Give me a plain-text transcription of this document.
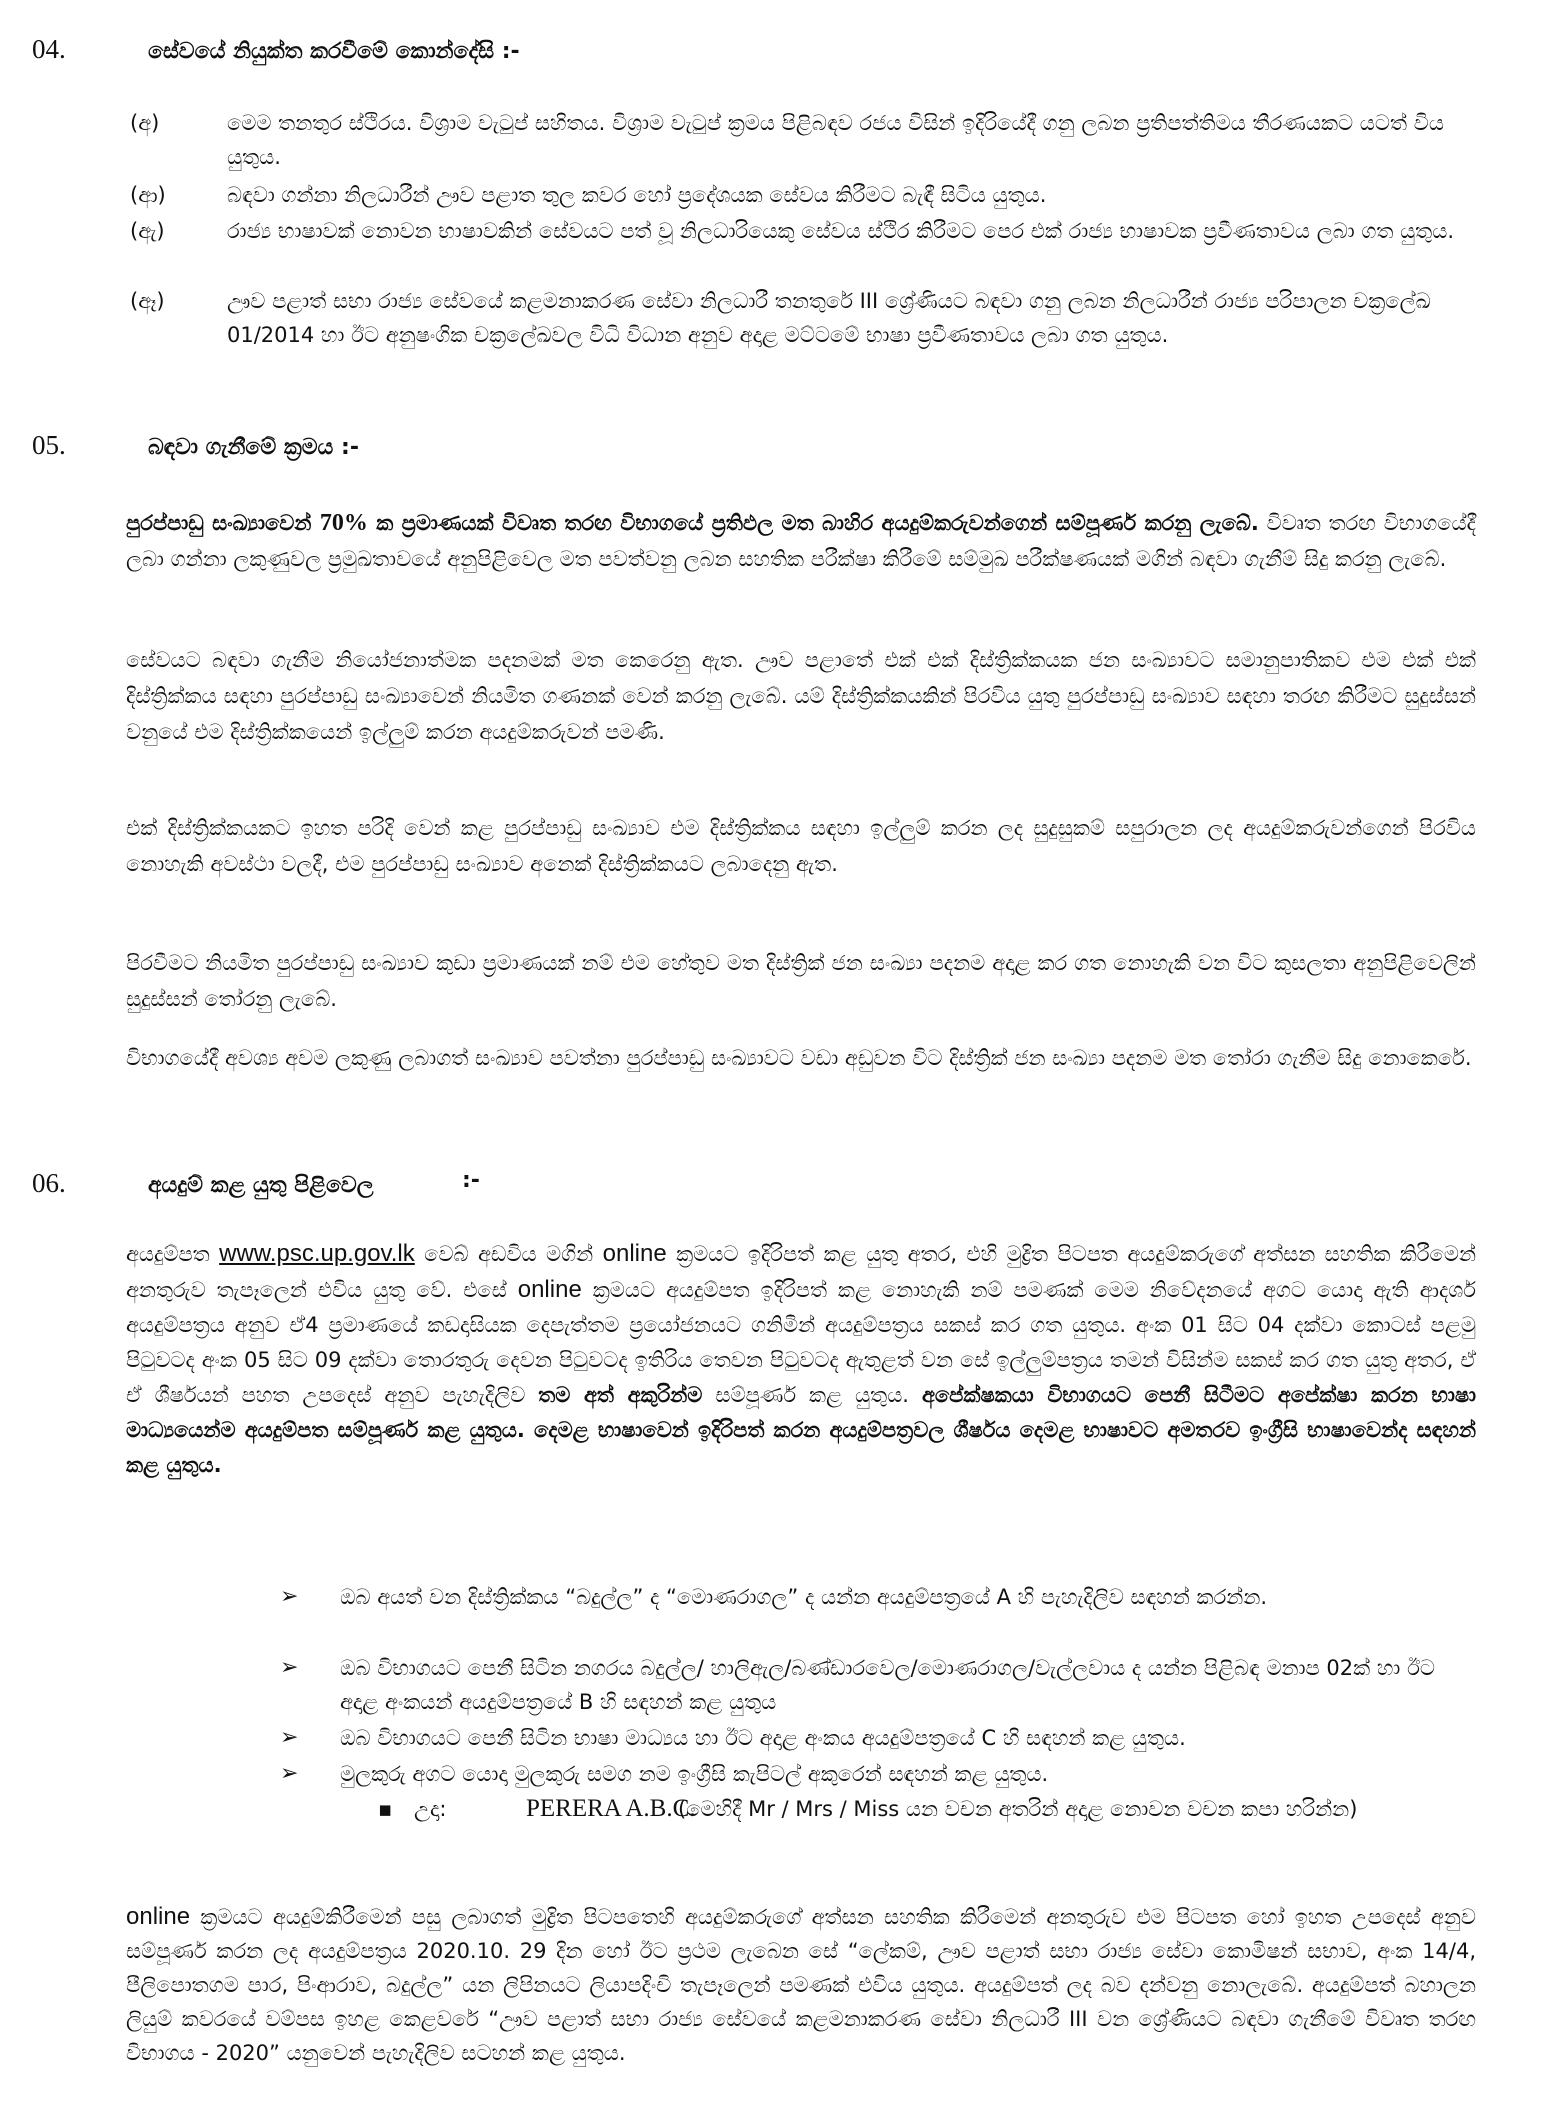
04.	සේවයේ නියුක්ත කරවීමේ කොන්දේසි :-
(අ)	මෙම තනතුර ස්ථිරය. විශ්‍රාම වැටුප් සහිතය. විශ්‍රාම වැටුප් ක්‍රමය පිළිබඳව රජය විසින් ඉදිරියේදී ගනු ලබන ප්‍රතිපත්තිමය තීරණයකට යටත් විය යුතුය.
(ආ)	බඳවා ගන්නා නිලධාරීන් ඌව පළාත තුල කවර හෝ ප්‍රදේශයක සේවය කිරීමට බැඳී සිටිය යුතුය.
(ඇ)	රාජ්‍ය භාෂාවක් නොවන භාෂාවකින් සේවයට පත් වූ නිලධාරියෙකු සේවය ස්ථිර කිරීමට පෙර එක් රාජ්‍ය භාෂාවක ප්‍රවීණතාවය ලබා ගත යුතුය.
(ඈ)	ඌව පළාත් සභා රාජ්‍ය සේවයේ කළමනාකරණ සේවා නිලධාරී තනතුරේ III ශ්‍රේණියට බඳවා ගනු ලබන නිලධාරීන් රාජ්‍ය පරිපාලන චක්‍රලේඛ 01/2014 හා ඊට අනුෂංගික චක්‍රලේඛවල විධි විධාන අනුව අදාළ මට්ටමේ භාෂා ප්‍රවීණතාවය ලබා ගත යුතුය.
05.	බඳවා ගැනීමේ ක්‍රමය :-
පුරප්පාඩු සංඛ්‍යාවෙන් 70% ක ප්‍රමාණයක් විවෘත තරඟ විභාගයේ ප්‍රතිඵල මත බාහිර අයදුම්කරුවන්ගෙන් සම්පූර්ණ කරනු ලැබේ. විවෘත තරඟ විභාගයේදී ලබා ගන්නා ලකුණුවල ප්‍රමුඛතාවයේ අනුපිළිවෙල මත පවත්වනු ලබන සහතික පරීක්ෂා කිරීමේ සම්මුඛ පරීක්ෂණයක් මගින් බඳවා ගැනීම් සිදු කරනු ලැබේ.
සේවයට බඳවා ගැනීම නියෝජනාත්මක පදනමක් මත කෙරෙනු ඇත. ඌව පළාතේ එක් එක් දිස්ත්‍රික්කයක ජන සංඛ්‍යාවට සමානුපාතිකව එම එක් එක් දිස්ත්‍රික්කය සඳහා පුරප්පාඩු සංඛ්‍යාවෙන් නියමිත ගණනක් වෙන් කරනු ලැබේ. යම් දිස්ත්‍රික්කයකින් පිරවිය යුතු පුරප්පාඩු සංඛ්‍යාව සඳහා තරඟ කිරීමට සුදුස්සන් වනුයේ එම දිස්ත්‍රික්කයෙන් ඉල්ලුම් කරන අයදුම්කරුවන් පමණි.
එක් දිස්ත්‍රික්කයකට ඉහත පරිදි වෙන් කළ පුරප්පාඩු සංඛ්‍යාව එම දිස්ත්‍රික්කය සඳහා ඉල්ලුම් කරන ලද සුදුසුකම් සපුරාලන ලද අයදුම්කරුවන්ගෙන් පිරවිය නොහැකි අවස්ථා වලදී, එම පුරප්පාඩු සංඛ්‍යාව අනෙක් දිස්ත්‍රික්කයට ලබාදෙනු ඇත.
පිරවීමට නියමිත පුරප්පාඩු සංඛ්‍යාව කුඩා ප්‍රමාණයක් නම් එම හේතුව මත දිස්ත්‍රික් ජන සංඛ්‍යා පදනම අදාළ කර ගත නොහැකි වන විට කුසලතා අනුපිළිවෙලින් සුදුස්සන් තෝරනු ලැබේ.
විභාගයේදී අවශ්‍ය අවම ලකුණු ලබාගත් සංඛ්‍යාව පවත්නා පුරප්පාඩු සංඛ්‍යාවට වඩා අඩුවන විට දිස්ත්‍රික් ජන සංඛ්‍යා පදනම මත තෝරා ගැනීම සිදු නොකෙරේ.
06.	අයදුම් කළ යුතු පිළිවෙල	:-
අයදුම්පත www.psc.up.gov.lk වෙබ් අඩවිය මගින් online ක්‍රමයට ඉදිරිපත් කළ යුතු අතර, එහි මුද්‍රිත පිටපත අයදුම්කරුගේ අත්සන සහතික කිරීමෙන් අනතුරුව තැපෑලෙන් එවිය යුතු වේ. එසේ online ක්‍රමයට අයදුම්පත ඉදිරිපත් කළ නොහැකි නම් පමණක් මෙම නිවේදනයේ අගට යොදා ඇති ආදර්ශ අයදුම්පත්‍රය අනුව ඒ4 ප්‍රමාණයේ කඩදාසියක දෙපැත්තම ප්‍රයෝජනයට ගනිමින් අයදුම්පත්‍රය සකස් කර ගත යුතුය. අංක 01 සිට 04 දක්වා කොටස් පළමු පිටුවටද අංක 05 සිට 09 දක්වා තොරතුරු දෙවන පිටුවටද ඉතිරිය තෙවන පිටුවටද ඇතුළත් වන සේ ඉල්ලුම්පත්‍රය තමන් විසින්ම සකස් කර ගත යුතු අතර, ඒ ඒ ශීර්ෂයන් පහත උපදෙස් අනුව පැහැදිලිව තම අත් අකුරින්ම සම්පූර්ණ කළ යුතුය. අපේක්ෂකයා විභාගයට පෙනී සිටීමට අපේක්ෂා කරන භාෂා මාධ්‍යයෙන්ම අයදුම්පත සම්පූර්ණ කළ යුතුය. දෙමළ භාෂාවෙන් ඉදිරිපත් කරන අයදුම්පත්‍රවල ශීර්ෂය දෙමළ භාෂාවට අමතරව ඉංග්‍රීසි භාෂාවෙන්ද සඳහන් කළ යුතුය.
➢ ඔබ අයත් වන දිස්ත්‍රික්කය “බදුල්ල” ද “මොණරාගල” ද යන්න අයදුම්පත්‍රයේ A හි පැහැදිලිව සඳහන් කරන්න.
➢ ඔබ විභාගයට පෙනී සිටින නගරය බදුල්ල/ හාලිඇල/බණ්ඩාරවෙල/මොණරාගල/වැල්ලවාය ද යන්න පිළිබඳ මනාප 02ක් හා ඊට අදාළ අංකයන් අයදුම්පත්‍රයේ B හි සඳහන් කළ යුතුය
➢ ඔබ විභාගයට පෙනී සිටින භාෂා මාධ්‍යය හා ඊට අදාළ අංකය අයදුම්පත්‍රයේ C හි සඳහන් කළ යුතුය.
➢ මුලකුරු අගට යොදා මුලකුරු සමග නම ඉංග්‍රීසි කැපිටල් අකුරෙන් සඳහන් කළ යුතුය.
▪ උදා:	PERERA A.B.C.
(මෙහිදී Mr / Mrs / Miss යන වචන අතරින් අදාළ නොවන වචන කපා හරින්න)
online ක්‍රමයට අයදුම්කිරීමෙන් පසු ලබාගත් මුද්‍රිත පිටපතෙහි අයදුම්කරුගේ අත්සන සහතික කිරීමෙන් අනතුරුව එම පිටපත හෝ ඉහත උපදෙස් අනුව සම්පූර්ණ කරන ලද අයදුම්පත්‍රය 2020.10. 29 දින හෝ ඊට ප්‍රථම ලැබෙන සේ “ලේකම්, ඌව පළාත් සභා රාජ්‍ය සේවා කොමිෂන් සභාව, අංක 14/4, පීලිපොතගම පාර, පිංආරාව, බදුල්ල” යන ලිපිනයට ලියාපදිංචි තැපෑලෙන් පමණක් එවිය යුතුය. අයදුම්පත් ලද බව දන්වනු නොලැබේ. අයදුම්පත් බහාලන ලියුම් කවරයේ වම්පස ඉහළ කෙළවරේ “ඌව පළාත් සභා රාජ්‍ය සේවයේ කළමනාකරණ සේවා නිලධාරී III වන ශ්‍රේණියට බඳවා ගැනීමේ විවෘත තරඟ විභාගය - 2020” යනුවෙන් පැහැදිලිව සටහන් කළ යුතුය.
